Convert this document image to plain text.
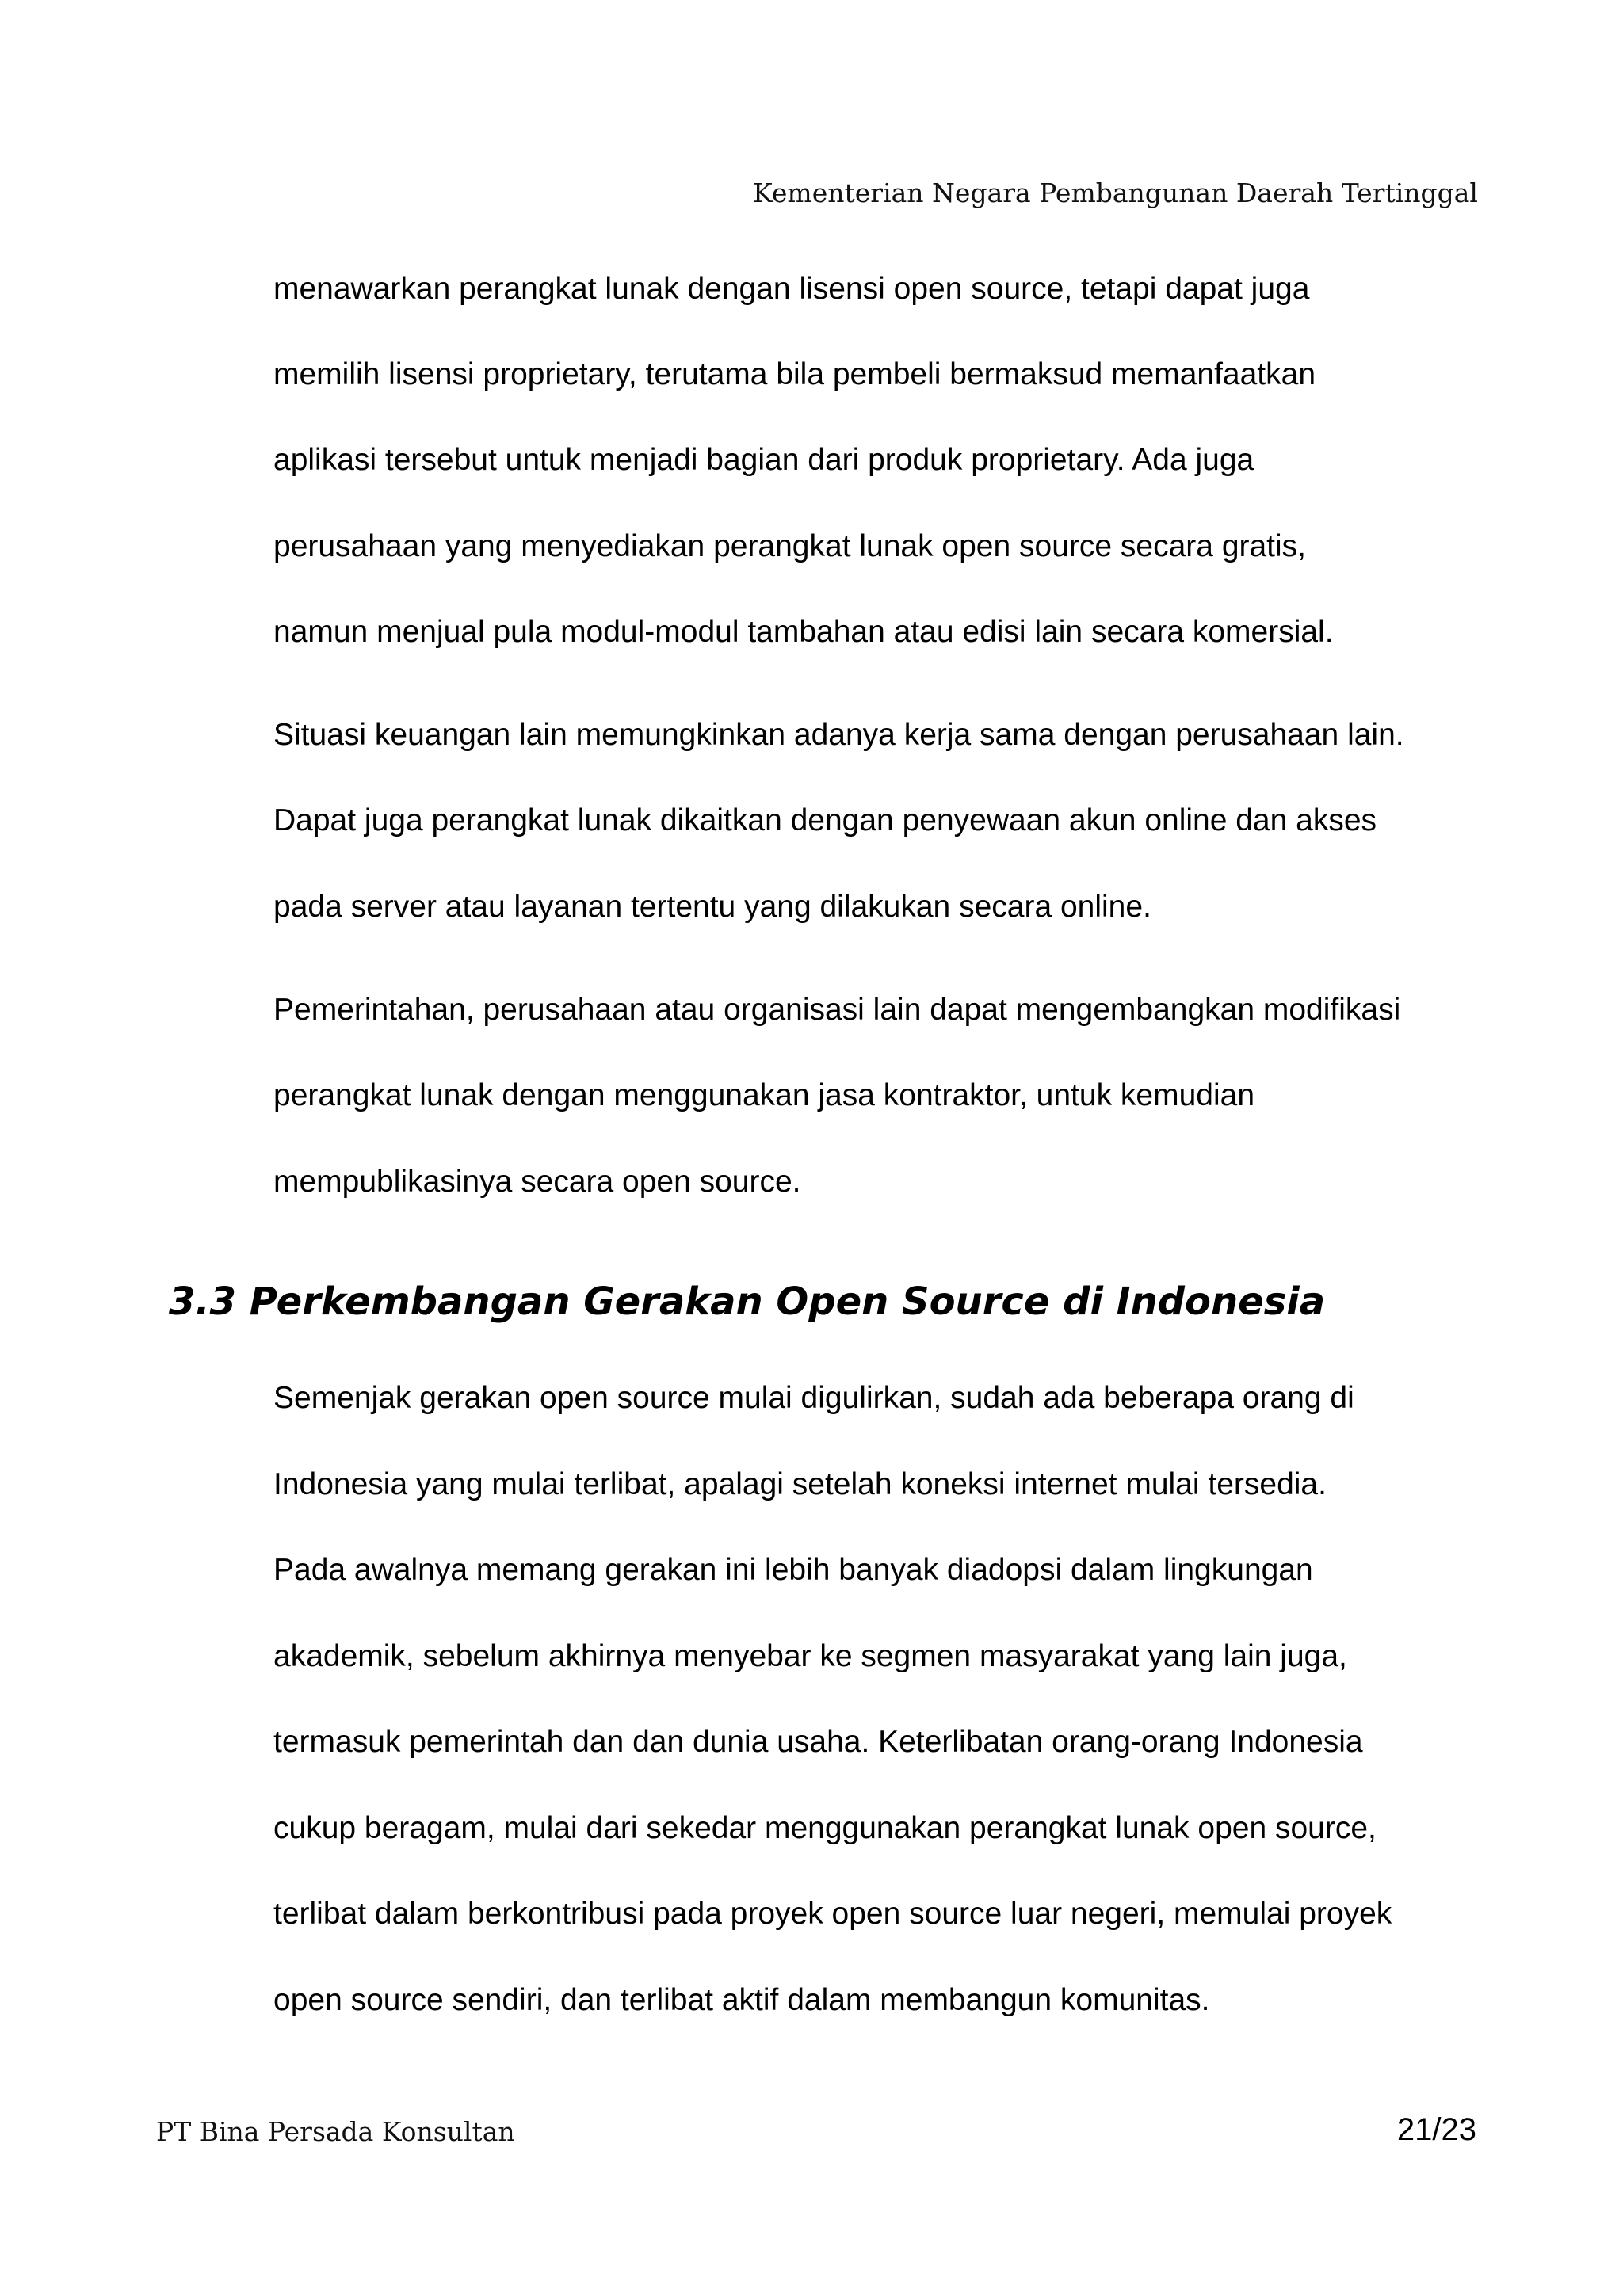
Kementerian Negara Pembangunan Daerah Tertinggal
menawarkan perangkat lunak dengan lisensi open source, tetapi dapat juga
memilih lisensi proprietary, terutama bila pembeli bermaksud memanfaatkan
aplikasi tersebut untuk menjadi bagian dari produk proprietary. Ada juga
perusahaan yang menyediakan perangkat lunak open source secara gratis,
namun menjual pula modul-modul tambahan atau edisi lain secara komersial.
Situasi keuangan lain memungkinkan adanya kerja sama dengan perusahaan lain.
Dapat juga perangkat lunak dikaitkan dengan penyewaan akun online dan akses
pada server atau layanan tertentu yang dilakukan secara online.
Pemerintahan, perusahaan atau organisasi lain dapat mengembangkan modifikasi
perangkat lunak dengan menggunakan jasa kontraktor, untuk kemudian
mempublikasinya secara open source.
3.3 Perkembangan Gerakan Open Source di Indonesia
Semenjak gerakan open source mulai digulirkan, sudah ada beberapa orang di
Indonesia yang mulai terlibat, apalagi setelah koneksi internet mulai tersedia.
Pada awalnya memang gerakan ini lebih banyak diadopsi dalam lingkungan
akademik, sebelum akhirnya menyebar ke segmen masyarakat yang lain juga,
termasuk pemerintah dan dan dunia usaha. Keterlibatan orang-orang Indonesia
cukup beragam, mulai dari sekedar menggunakan perangkat lunak open source,
terlibat dalam berkontribusi pada proyek open source luar negeri, memulai proyek
open source sendiri, dan terlibat aktif dalam membangun komunitas.
PT Bina Persada Konsultan	21/23
